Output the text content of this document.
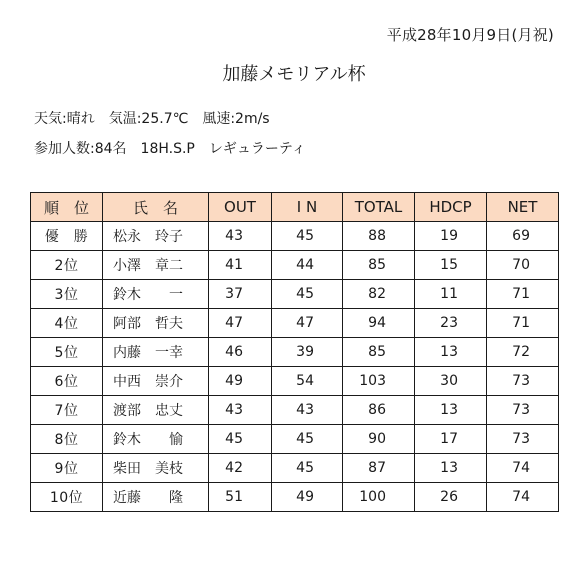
平成28年10月9日(月祝)
加藤メモリアル杯
天気:晴れ　気温:25.7℃　風速:2m/s
参加人数:84名　18H.S.P　レギュラーティ
順　位	氏　名	OUT	I N	TOTAL	HDCP	NET
優　勝	松永　玲子	43	45	88	19	69
2位	小澤　章二	41	44	85	15	70
3位	鈴木　　一	37	45	82	11	71
4位	阿部　哲夫	47	47	94	23	71
5位	内藤　一幸	46	39	85	13	72
6位	中西　崇介	49	54	103	30	73
7位	渡部　忠丈	43	43	86	13	73
8位	鈴木　　愉	45	45	90	17	73
9位	柴田　美枝	42	45	87	13	74
10位	近藤　　隆	51	49	100	26	74
